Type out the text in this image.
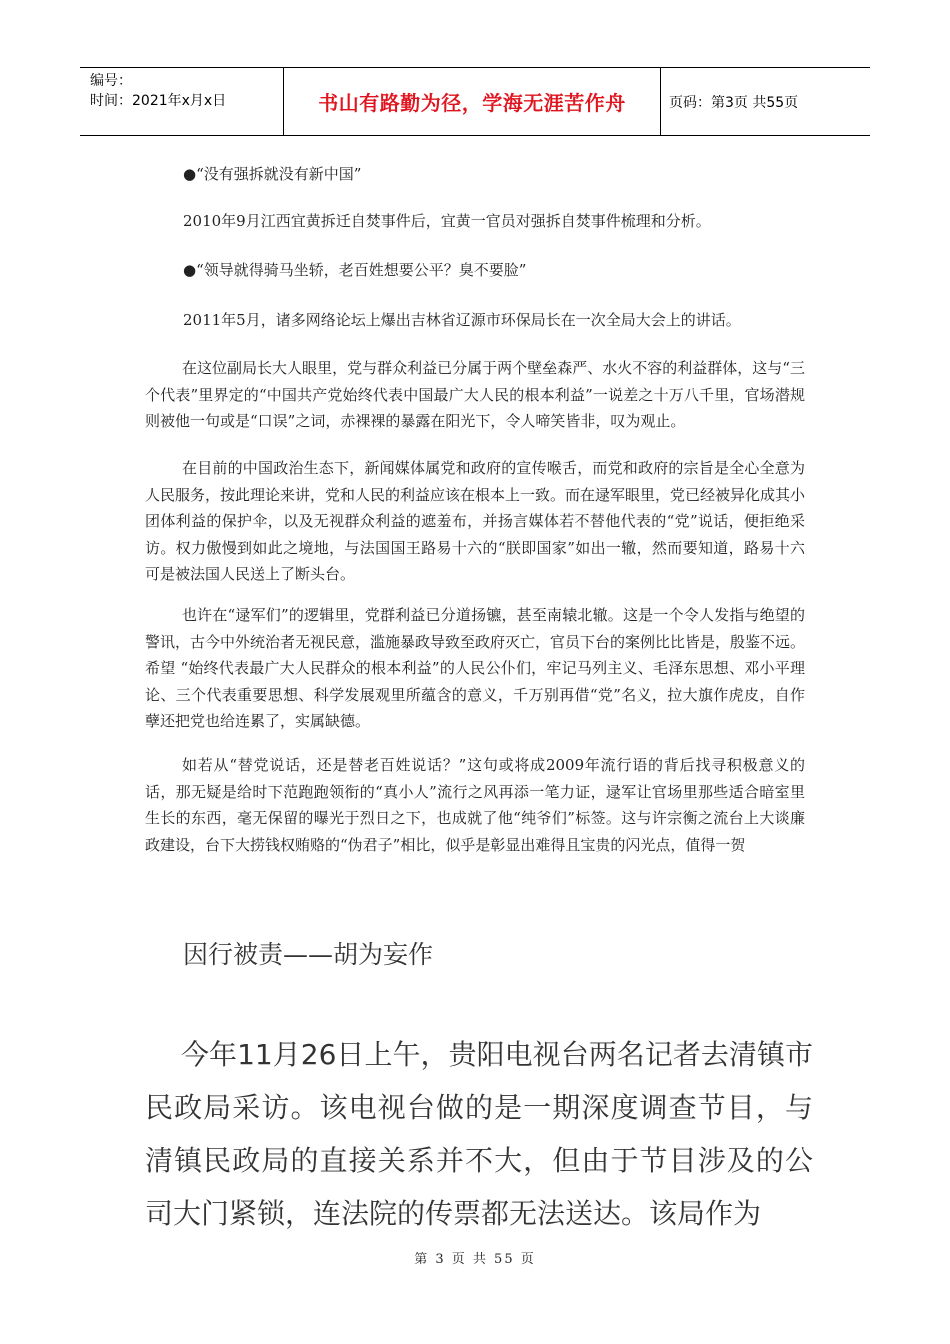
编号：
时间：2021年x月x日	书山有路勤为径，学海无涯苦作舟	页码：第3页 共55页
●“没有强拆就没有新中国”
2010年9月江西宜黄拆迁自焚事件后，宜黄一官员对强拆自焚事件梳理和分析。
●“领导就得骑马坐轿，老百姓想要公平？臭不要脸”
2011年5月，诸多网络论坛上爆出吉林省辽源市环保局长在一次全局大会上的讲话。
在这位副局长大人眼里，党与群众利益已分属于两个壁垒森严、水火不容的利益群体，这与“三个代表”里界定的“中国共产党始终代表中国最广大人民的根本利益”一说差之十万八千里，官场潜规则被他一句或是“口误”之词，赤裸裸的暴露在阳光下，令人啼笑皆非，叹为观止。
在目前的中国政治生态下，新闻媒体属党和政府的宣传喉舌，而党和政府的宗旨是全心全意为人民服务，按此理论来讲，党和人民的利益应该在根本上一致。而在逯军眼里，党已经被异化成其小团体利益的保护伞，以及无视群众利益的遮羞布，并扬言媒体若不替他代表的“党”说话，便拒绝采访。权力傲慢到如此之境地，与法国国王路易十六的“朕即国家”如出一辙，然而要知道，路易十六可是被法国人民送上了断头台。
也许在“逯军们”的逻辑里，党群利益已分道扬镳，甚至南辕北辙。这是一个令人发指与绝望的警讯，古今中外统治者无视民意，滥施暴政导致至政府灭亡，官员下台的案例比比皆是，殷鉴不远。希望 “始终代表最广大人民群众的根本利益”的人民公仆们，牢记马列主义、毛泽东思想、邓小平理论、三个代表重要思想、科学发展观里所蕴含的意义，千万别再借“党”名义，拉大旗作虎皮，自作孽还把党也给连累了，实属缺德。
如若从“替党说话，还是替老百姓说话？”这句或将成2009年流行语的背后找寻积极意义的话，那无疑是给时下范跑跑领衔的“真小人”流行之风再添一笔力证，逯军让官场里那些适合暗室里生长的东西，毫无保留的曝光于烈日之下，也成就了他“纯爷们”标签。这与许宗衡之流台上大谈廉政建设，台下大捞钱权贿赂的“伪君子”相比，似乎是彰显出难得且宝贵的闪光点，值得一贺
因行被责——胡为妄作
今年11月26日上午，贵阳电视台两名记者去清镇市民政局采访。该电视台做的是一期深度调查节目，与清镇民政局的直接关系并不大，但由于节目涉及的公司大门紧锁，连法院的传票都无法送达。该局作为
第 3 页 共 55 页
